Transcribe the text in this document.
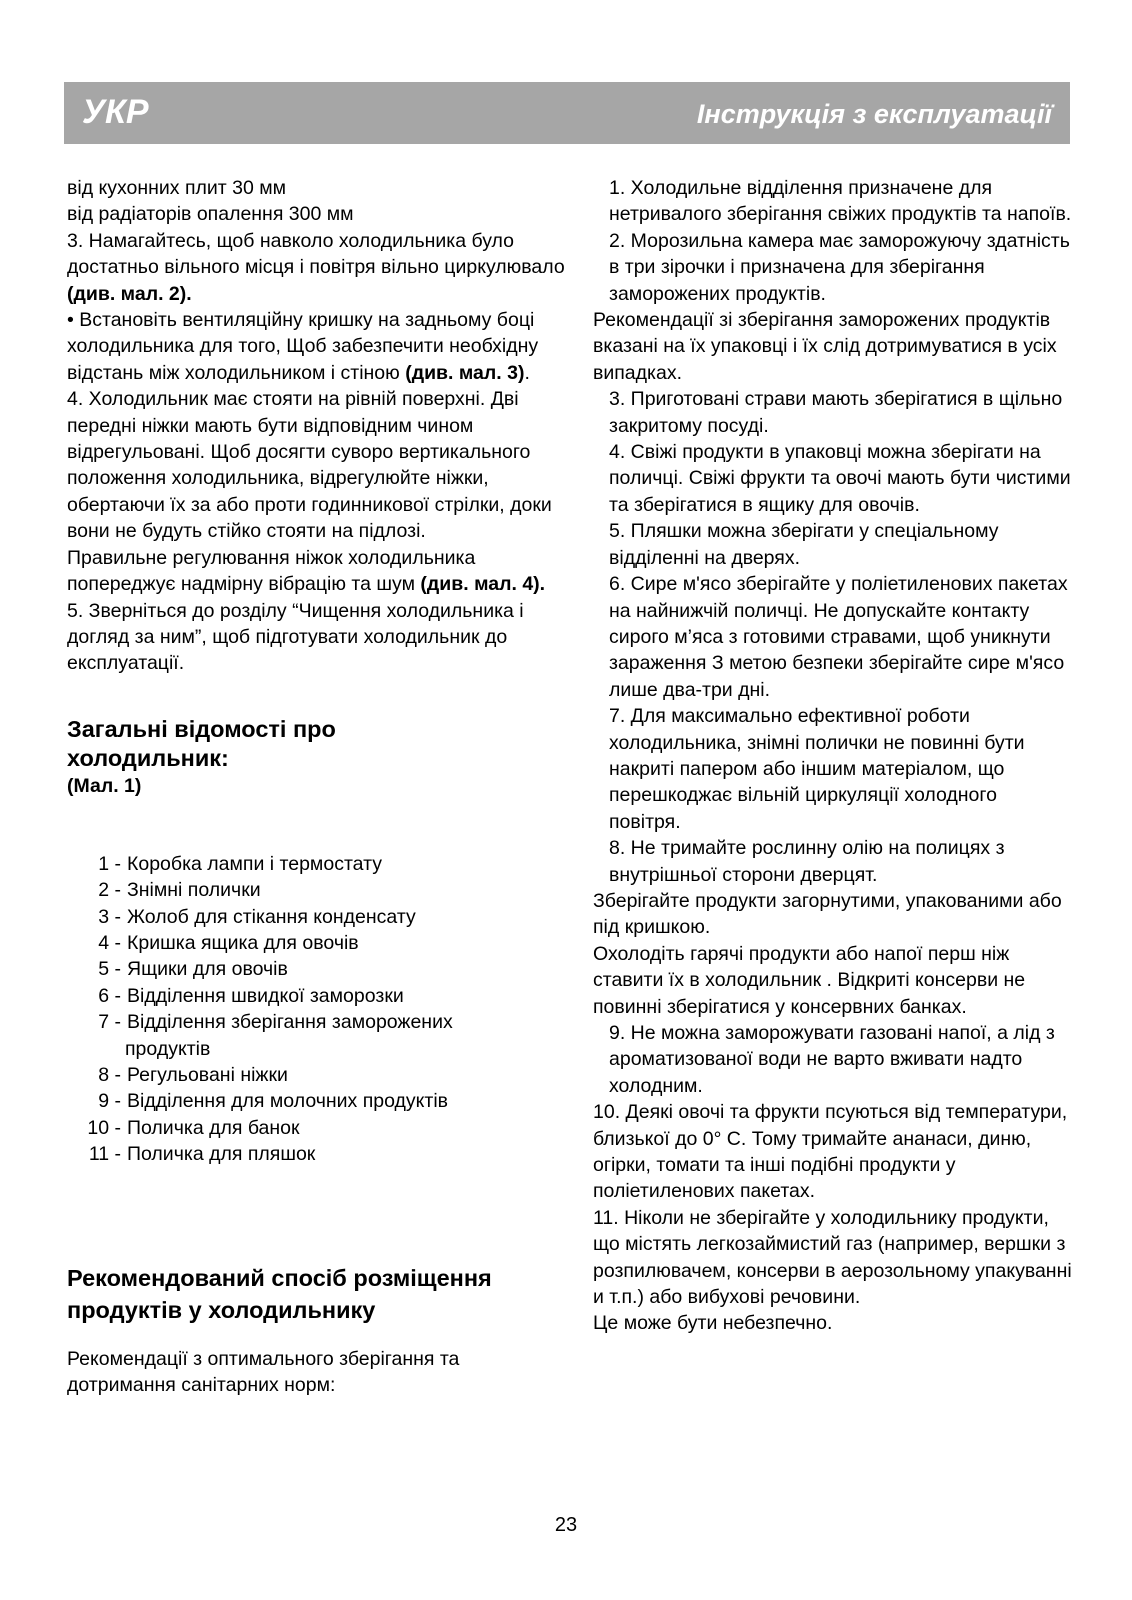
УКР	Інструкція з експлуатації

від кухонних плит 30 мм

від радіаторів опалення 300 мм

3. Намагайтесь, щоб навколо холодильника було достатньо вільного місця і повітря вільно циркулювало (див. мал. 2).

• Встановіть вентиляційну кришку на задньому боці холодильника для того, Щоб забезпечити необхідну відстань між холодильником і стіною (див. мал. 3).

4. Холодильник має стояти на рівній поверхні. Дві передні ніжки мають бути відповідним чином відрегульовані. Щоб досягти суворо вертикального положення холодильника, відрегулюйте ніжки, обертаючи їх за або проти годинникової стрілки, доки вони не будуть стійко стояти на підлозі.

Правильне регулювання ніжок холодильника попереджує надмірну вібрацію та шум (див. мал. 4).

5. Зверніться до розділу “Чищення холодильника і догляд за ним”, щоб підготувати холодильник до експлуатації.

Загальні відомості про холодильник:

(Мал. 1)

1 - Коробка лампи і термостату
2 - Знімні полички
3 - Жолоб для стікання конденсату
4 - Кришка ящика для овочів
5 - Ящики для овочів
6 - Відділення швидкої заморозки
7 - Відділення зберігання заморожених
продуктів
8 - Регульовані ніжки
9 - Відділення для молочних продуктів
10 - Поличка для банок
11 - Поличка для пляшок

Рекомендований спосіб розміщення продуктів у холодильнику

Рекомендації з оптимального зберігання та дотримання санітарних норм:

1. Холодильне відділення призначене для нетривалого зберігання свіжих продуктів та напоїв.

2. Морозильна камера має заморожуючу здатність в три зірочки і призначена для зберігання заморожених продуктів.

Рекомендації зі зберігання заморожених продуктів вказані на їх упаковці і їх слід дотримуватися в усіх випадках.

3. Приготовані страви мають зберігатися в щільно закритому посуді.

4. Свіжі продукти в упаковці можна зберігати на поличці. Свіжі фрукти та овочі мають бути чистими та зберігатися в ящику для овочів.

5. Пляшки можна зберігати у спеціальному відділенні на дверях.

6. Сире м'ясо зберігайте у поліетиленових пакетах на найнижчій поличці. Не допускайте контакту сирого м’яса з готовими стравами, щоб уникнути зараження З метою безпеки зберігайте сире м'ясо лише два-три дні.

7. Для максимально ефективної роботи холодильника, знімні полички не повинні бути накриті папером або іншим матеріалом, що перешкоджає вільній циркуляції холодного повітря.

8. Не тримайте рослинну олію на полицях з внутрішньої сторони дверцят.

Зберігайте продукти загорнутими, упакованими або під кришкою.

Охолодіть гарячі продукти або напої перш ніж ставити їх в холодильник . Відкриті консерви не повинні зберігатися у консервних банках.

9. Не можна заморожувати газовані напої, а лід з ароматизованої води не варто вживати надто холодним.

10. Деякі овочі та фрукти псуються від температури, близької до 0° С. Тому тримайте ананаси, диню, огірки, томати та інші подібні продукти у поліетиленових пакетах.

11. Ніколи не зберігайте у холодильнику продукти, що містять легкозаймистий газ (например, вершки з розпилювачем, консерви в аерозольному упакуванні и т.п.) або вибухові речовини.

Це може бути небезпечно.

23
